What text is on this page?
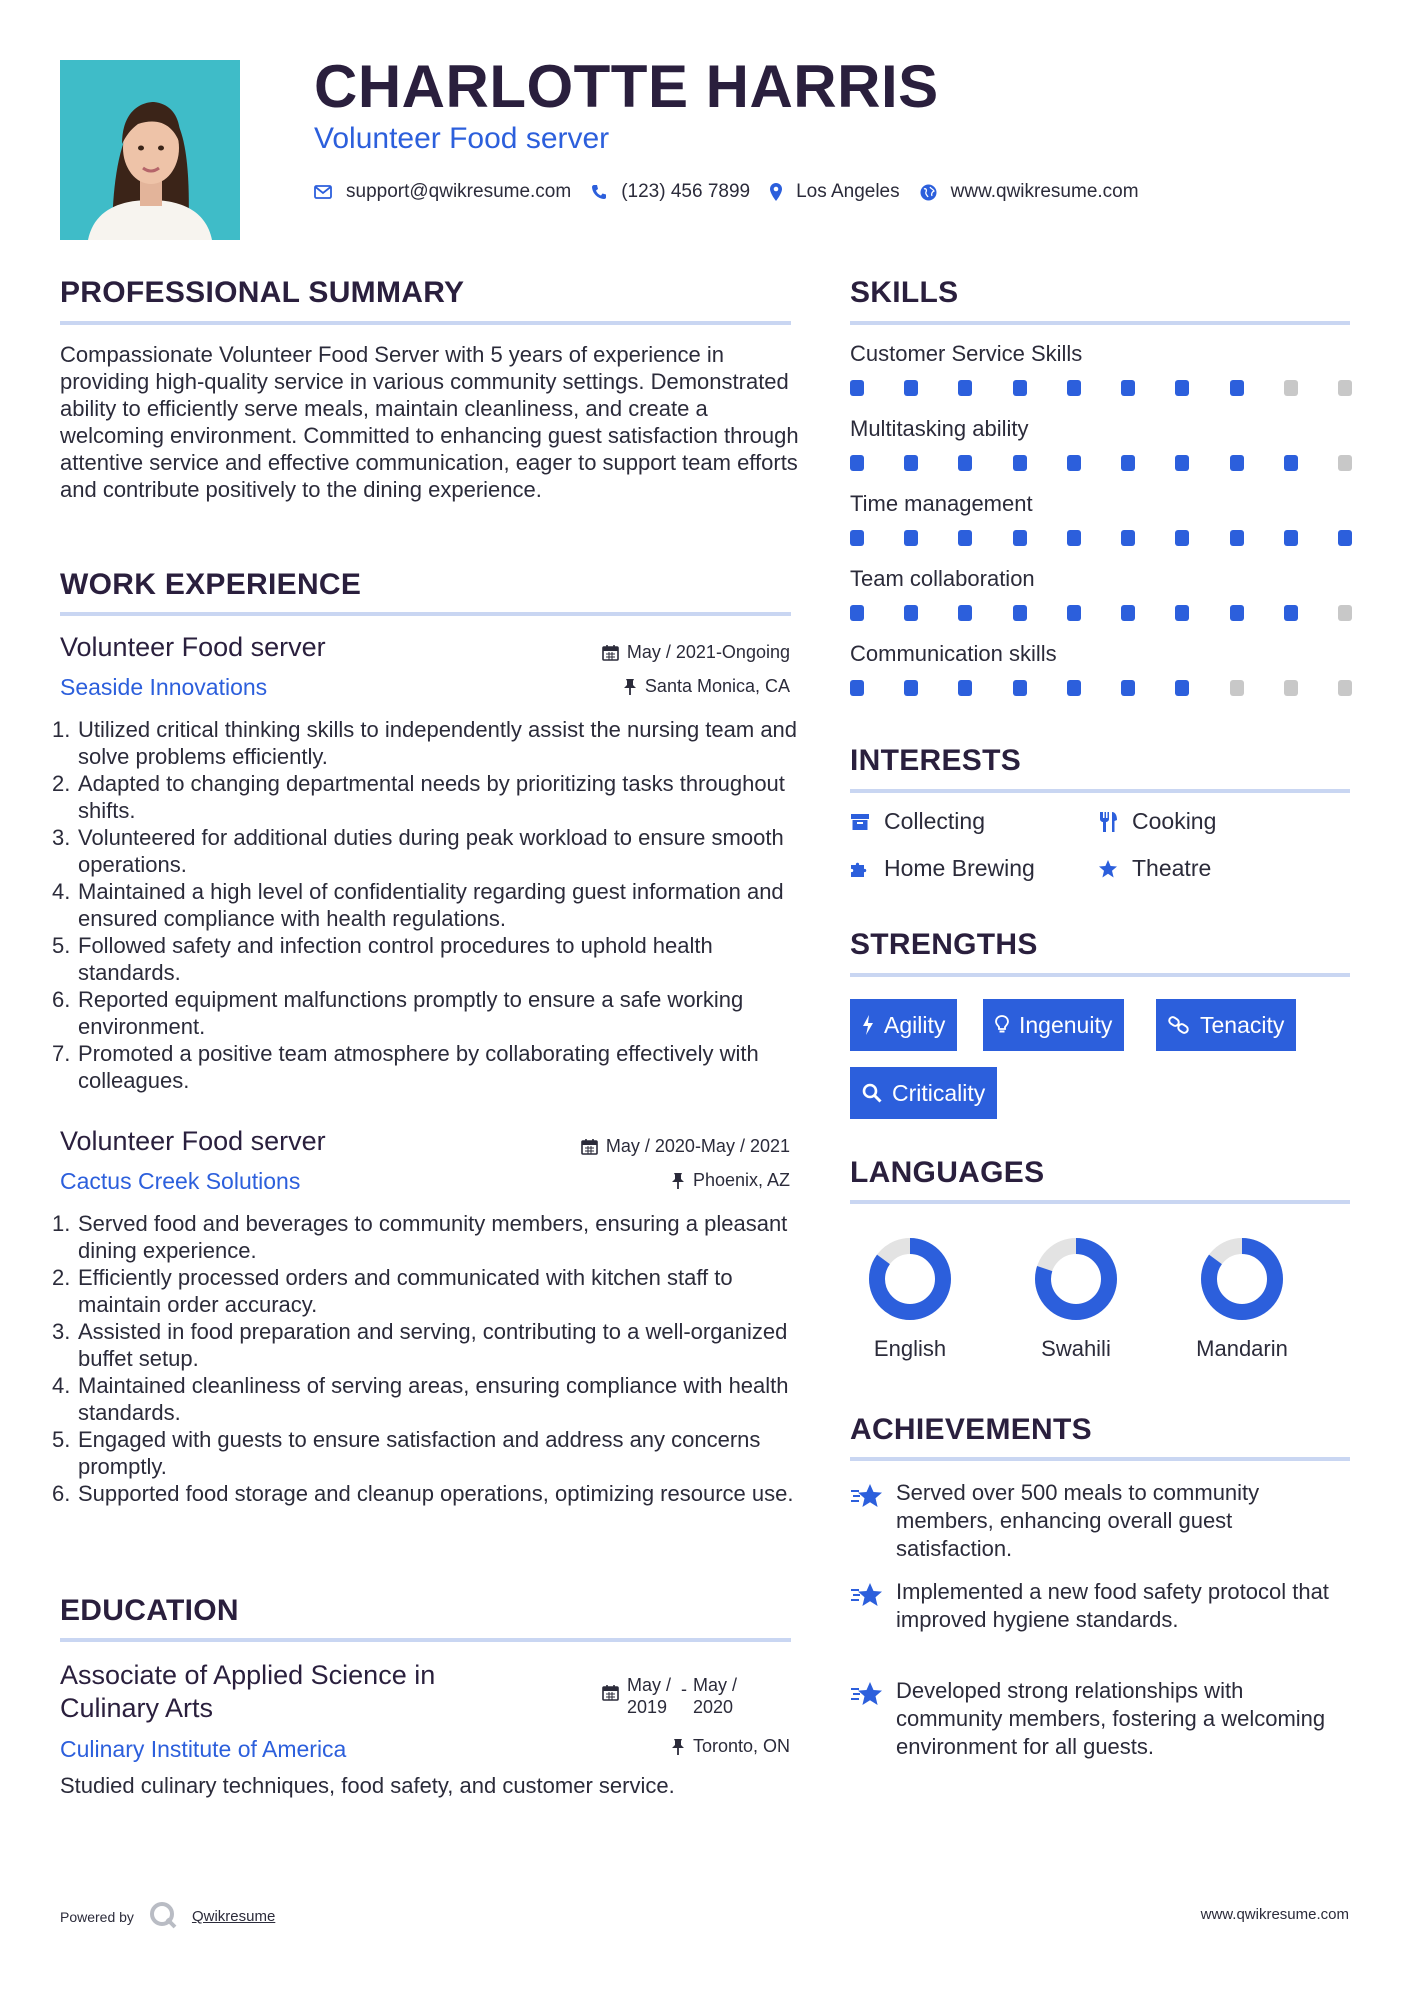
CHARLOTTE HARRIS
Volunteer Food server
support@qwikresume.com	(123) 456 7899 Los Angeles	www.qwikresume.com
PROFESSIONAL SUMMARY
Compassionate Volunteer Food Server with 5 years of experience in providing high-quality service in various community settings. Demonstrated ability to efficiently serve meals, maintain cleanliness, and create a welcoming environment. Committed to enhancing guest satisfaction through attentive service and effective communication, eager to support team efforts and contribute positively to the dining experience.
WORK EXPERIENCE
Volunteer Food server	May / 2021-Ongoing
Seaside Innovations	Santa Monica, CA
1. Utilized critical thinking skills to independently assist the nursing team and solve problems efficiently.
2. Adapted to changing departmental needs by prioritizing tasks throughout shifts.
3. Volunteered for additional duties during peak workload to ensure smooth operations.
4. Maintained a high level of confidentiality regarding guest information and ensured compliance with health regulations.
5. Followed safety and infection control procedures to uphold health standards.
6. Reported equipment malfunctions promptly to ensure a safe working environment.
7. Promoted a positive team atmosphere by collaborating effectively with colleagues.
Volunteer Food server	May / 2020-May / 2021
Cactus Creek Solutions	Phoenix, AZ
1. Served food and beverages to community members, ensuring a pleasant dining experience.
2. Efficiently processed orders and communicated with kitchen staff to maintain order accuracy.
3. Assisted in food preparation and serving, contributing to a well-organized buffet setup.
4. Maintained cleanliness of serving areas, ensuring compliance with health standards.
5. Engaged with guests to ensure satisfaction and address any concerns promptly.
6. Supported food storage and cleanup operations, optimizing resource use.
EDUCATION
Associate of Applied Science in
Culinary Arts
May /
2019
- May /
2020
Culinary Institute of America	Toronto, ON
Studied culinary techniques, food safety, and customer service.
SKILLS
Customer Service Skills
Multitasking ability
Time management
Team collaboration
Communication skills
INTERESTS
Collecting	Cooking
Home Brewing	Theatre
STRENGTHS
Agility	Ingenuity	Tenacity
Criticality
LANGUAGES
English	Swahili	Mandarin
ACHIEVEMENTS
Served over 500 meals to community members, enhancing overall guest satisfaction.
Implemented a new food safety protocol that improved hygiene standards.
Developed strong relationships with community members, fostering a welcoming environment for all guests.
Powered by	Qwikresume	www.qwikresume.com
